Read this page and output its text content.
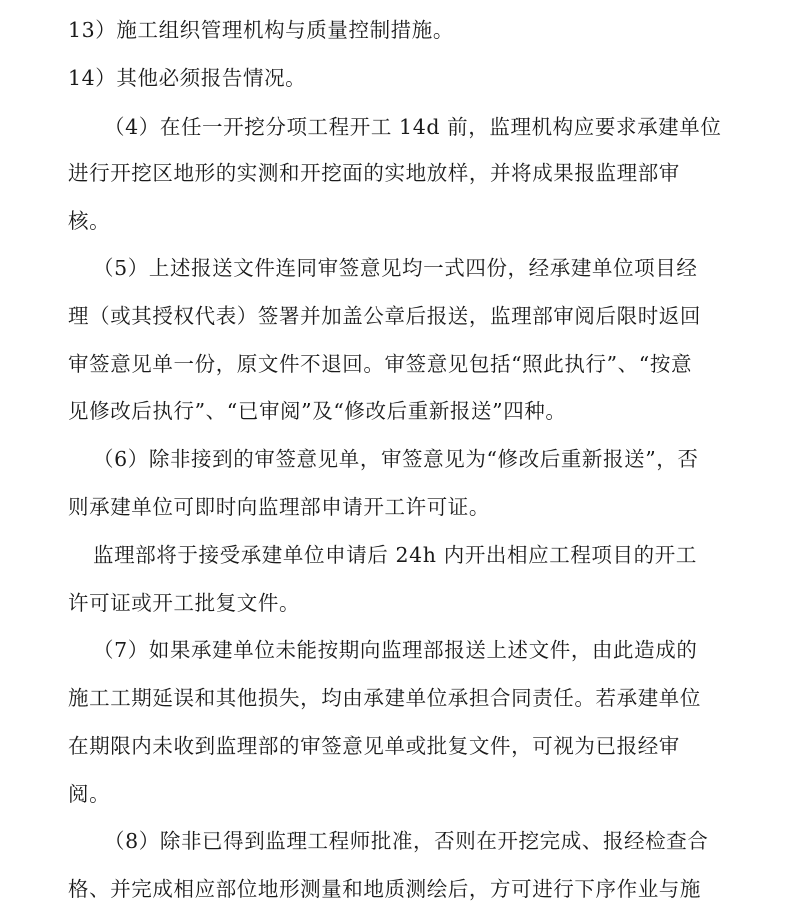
13）施工组织管理机构与质量控制措施。
14）其他必须报告情况。
（4）在任一开挖分项工程开工 14d 前，监理机构应要求承建单位
进行开挖区地形的实测和开挖面的实地放样，并将成果报监理部审
核。
（5）上述报送文件连同审签意见均一式四份，经承建单位项目经
理（或其授权代表）签署并加盖公章后报送，监理部审阅后限时返回
审签意见单一份，原文件不退回。审签意见包括“照此执行”、“按意
见修改后执行”、“已审阅”及“修改后重新报送”四种。
（6）除非接到的审签意见单，审签意见为“修改后重新报送”，否
则承建单位可即时向监理部申请开工许可证。
监理部将于接受承建单位申请后 24h 内开出相应工程项目的开工
许可证或开工批复文件。
（7）如果承建单位未能按期向监理部报送上述文件，由此造成的
施工工期延误和其他损失，均由承建单位承担合同责任。若承建单位
在期限内未收到监理部的审签意见单或批复文件，可视为已报经审
阅。
（8）除非已得到监理工程师批准，否则在开挖完成、报经检查合
格、并完成相应部位地形测量和地质测绘后，方可进行下序作业与施
